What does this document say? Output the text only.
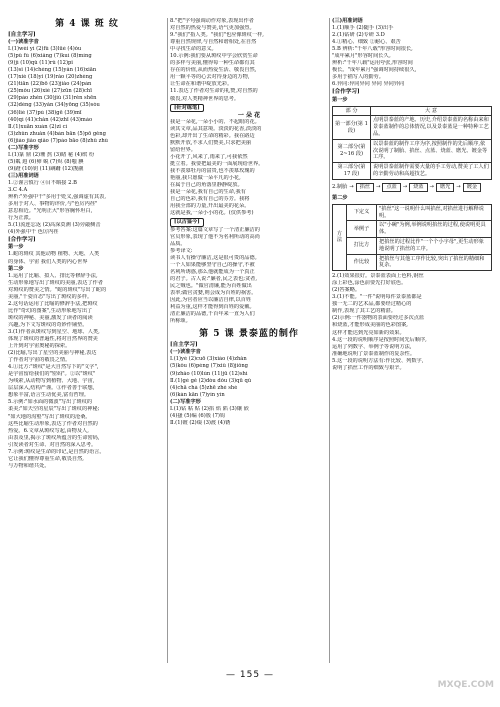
第 4 课 斑 纹
[自主学习]
(一)读准字音
Ⅰ.(1)wèi yí (2)fǔ (3)lüè (4)ǒu
(5)pǔ fù (6)xiǎng (7)kuí (8)míng
(9)jì (10)qǔ (11)rǔ (12)pǐ
(13)sǐ (14)chéng (15)yǎn (16)xiān
(17)xiè (18)yǐ (19)rǎo (20)zhèng
(21)tiān (22)bō (23)jiǎo (24)pán
(25)mǒu (26)xié (27)zūn (28)chī
(29)páo zhěn (30)jiǔ (31)rěn shēn
(32)dèng (33)yǎn (34)yōng (35)sòu
(36)liè (37)pú (38)gē (39)mī
(40)qí (41)chǎn (42)zhī (43)máo
Ⅱ.(1)xuān xuàn (2)zǐ cì
(3)zhǔn zhuǎn (4)bàn bān (5)pō gěng
(6)jiào jiǎo qiǎo (7)páo bāo (8)zhǔ zhù
(二)写准字形
Ⅰ.(1)篆 鼎 (2)珊 熬 (3)睹 秘 (4)缤 纷
(5)粼 遐 (6)卵 蜕 (7)烬 (8)嗤 腆
(9)蹬 (10)钥 (11)蹒跚 (12)觊觎
(三)用准词语
1.②谨言慎行 ④目不暇接 2.B
3.C 4.A
辨析:"外强中干"多用于贬义,强调虚有其表,
多用于对人、事物的评价,与"色厉内荏"
意思相近。"光明正大"形容胸怀坦白,
行为正派。
5.(1)流连忘返 (2)高深莫测 (3)旁敲侧击
(4)外强中干 色厉内荏
[合作学习]
第一步
1.蛇的斑纹 其他动物 植物、大地、人类
的身体、宇宙 我们人类的内心世界
第二步
1.运用了比喻、拟人、排比等修辞手法,
生动形象地写出了斑纹的美丽,表达了作者
对斑纹的赞美之情。"蛇的斑纹"写出了蛇的
美丽,"千姿百态"写出了斑纹的多样。
2.这句话运用了比喻的修辞手法,把斑纹
比作"奇幻的图案",生动形象地写出了
斑纹的神秘、美丽,激发了读者的阅读
兴趣,为下文写斑纹的奇妙作铺垫。
3.(1)作者从斑纹写到星空、地球、人类,
体现了斑纹的普遍性,将对自然界的赞美
上升到对宇宙奥秘的探索。
(2)比喻,写出了星空的美丽与神秘,表达
了作者对宇宙的敬畏之情。
4.①比方:"斑纹"是大自然写下的"文字",
是宇宙留给我们的"密码"。②以"斑纹"
为线索,从动物写到植物、大地、宇宙,
层层深入,结构严谨。③作者善于联想,
想象丰富,语言生动优美,富有哲理。
5.示例:"如水面的微波"写出了斑纹的
柔美;"如天空的星辰"写出了斑纹的神秘;
"如大地的沟壑"写出了斑纹的沧桑。
这些比喻生动形象,表达了作者对自然的
热爱。6.文章从斑纹写起,由物及人,
由表及里,揭示了斑纹所蕴含的生命密码,
引发读者对生命、对自然的深入思考。
7.示例:斑纹是生命的印记,是自然的语言。
它让我们懂得尊重生命,敬畏自然,
与万物和谐共处。
8."把"字句强调动作对象,表现出作者
对自然的热爱与赞美,语气更加强烈。
9."我们"指人类。"我们"也应像斑纹一样,
尊重自然规律,与自然和谐相处,在自然
中寻找生命的意义。
10.示例:我们要从斑纹中学会欣赏生命
的多样与美丽,懂得每一种生命都有其
存在的价值,从而热爱生活、敬畏自然,
用一颗平等的心去对待身边的万物,
让生命在和谐中绽放光彩。
11.表达了作者对生命的礼赞,对自然的
敬畏,对人类精神世界的思考。
[针对练笔]
一 朵 花
我是一朵花,一朵小小的、不起眼的花。
读其文章,品其意境。淡淡的花香,淡淡的
色彩,却开出了生命的精彩。我在路边
默默开放,不求人们赞美,只求把美丽
留给世界。
小花开了,风来了,雨来了,可我依然
挺立着。我要把最美的一面展现给世界。
我不羡慕牡丹的富贵,也不羡慕玫瑰的
艳丽,我只愿做一朵平凡的小花,
在属于自己的角落里静静绽放。
我是一朵花,我有自己的生命,我有
自己的色彩,我有自己的芬芳。我将
用我全部的力量,开出最美的花朵。
这就是我,一朵小小的花。(仅供参考)
[以古鉴今]
参考答案:这篇文章写了一个清正廉洁的
官员形象,表现了他不为名利所动的高尚
品质。
参考译文:
读书人有操守廉洁,这是很可贵的品德。
一个人如果能够坚守自己的操守,不被
名利所诱惑,那么他就能成为一个真正
的君子。古人说:"廉者,民之表也;贪者,
民之贼也。"做官清廉,能为百姓做出
表率;做官贪婪,则会成为百姓的祸害。
因此,为官者应当以廉洁自律,以百姓
利益为重,这样才能得到百姓的爱戴。
清正廉洁的品德,千百年来一直为人们
所称颂。
第 5 课 景泰蓝的制作
[自主学习]
(一)读准字音
Ⅰ.(1)yè (2)cuō (3)xiào (4)zhǎn
(5)kǒu (6)péng (7)xiǔ (8)jiǒng
(9)zhǎo (10)lún (11)jū (12)shì
Ⅱ.(1)gè gě (2)dòu dǒu (3)qū qǔ
(4)chā chà (5)zhē zhé shé
(6)kàn kān (7)yín yín
(二)写准字形
Ⅰ.(1)钻 粘 贴 (2)掐 焰 陷 (3)镶 嵌
(4)搔 (5)编 (6)簇 (7)钩
Ⅱ.(1)镀 (2)缀 (3)渡 (4)锈
(三)用准词语
1.(1)顺手 (2)随手 (3)出手
2.(1)钻研 (2)专研 3.D
4.①精心、细致 ②耐心、艰苦
5.B 辨析:"千年八载"形容时间很长,
"成年累月"形容时间长久。
辨析:"千年八载"运用夸张,形容时间
极长。"成年累月"强调时间持续很久,
多用于描写人的勤劳。
6.异同:异同异同 异同 异同异同
[合作学习]
第一步
部 分	大 意
第一部分(第 1 段)	点明景泰蓝的产地、历史,介绍景泰蓝的名称由来和景泰蓝制作的总体情况,以及景泰蓝是一种特种工艺品。
第二部分(第 2~16 段)	以景泰蓝的制作工序为序,按照制作的先后顺序,依次说明了制胎、掐丝、点蓝、烧蓝、磨光、镀金等工序。
第三部分(第 17 段)	说明景泰蓝制作需要大量的手工劳动,赞美了工人们的辛勤劳动和高超技艺。
2.制胎 →	掐丝	→	点蓝	→	烧蓝	→	磨光	→	镀金
第二步
方法	下定义	"掐丝"这一说明什么叫掐丝,对掐丝进行解释说明。
	举例子	以"小碗"为例,举例说明掐丝的过程,使说明更具体。
	打比方	把掐丝的过程比作"一个个小字母",更生动形象地说明了掐丝的工序。
	作比较	把掐丝与其他工序作比较,突出了掐丝的精细和复杂。
2.(1)效果很好。景泰蓝表面上色料,钢丝
涂上彩色,涂色前要先打好底色。
(2)答案略。
3.(1)不能。"一件"说明每件景泰蓝都是
独一无二的艺术品,都要经过精心的
制作,表现了其工艺的精湛。
(2)示例:一件器物的表面要经过多次点蓝
和烧蓝,才能形成美丽的色彩图案,
这样才能达到光亮如新的效果。
4.这一段的说明顺序是按照时间先后顺序,
运用了列数字、举例子等说明方法,
准确地说明了景泰蓝制作的复杂性。
5.这一段的说明方法有:作比较、列数字,
说明了掐丝工作的细致与艰辛。
— 155 —
MXQE.COM
